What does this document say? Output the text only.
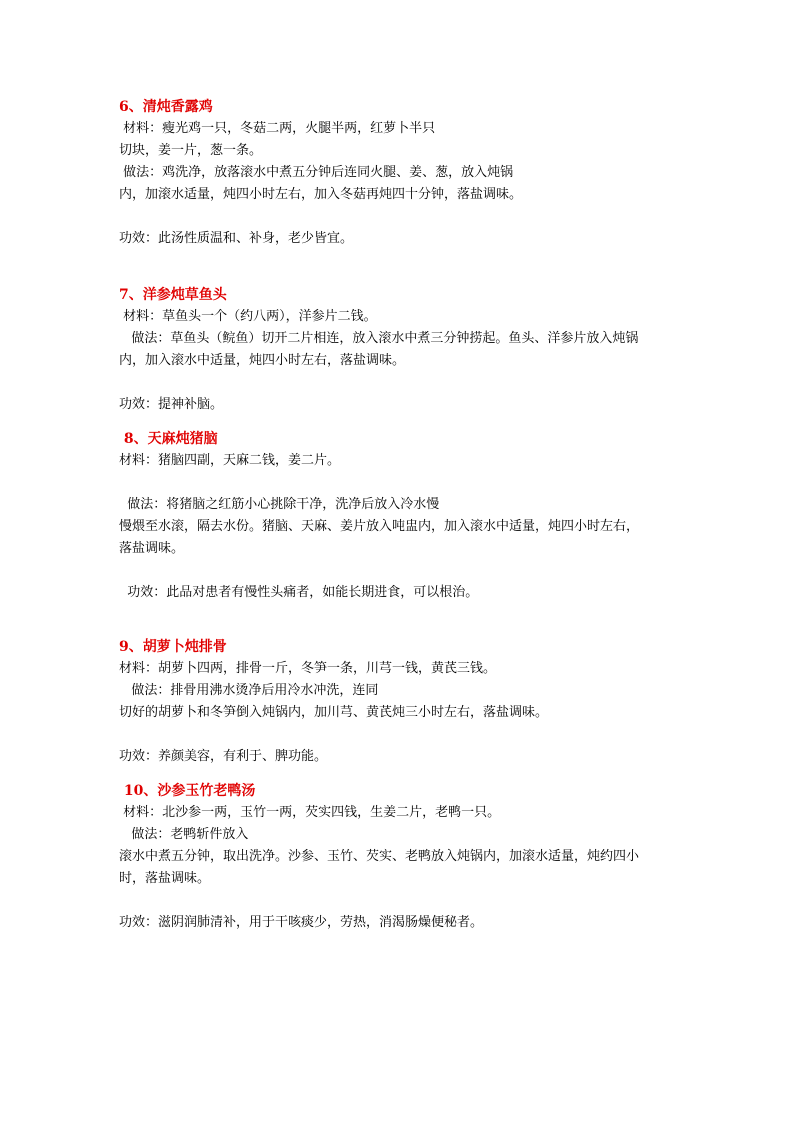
6、清炖香露鸡

材料：瘦光鸡一只，冬菇二两，火腿半两，红萝卜半只

切块，姜一片，葱一条。

做法：鸡洗净，放落滚水中煮五分钟后连同火腿、姜、葱，放入炖锅

内，加滚水适量，炖四小时左右，加入冬菇再炖四十分钟，落盐调味。

功效：此汤性质温和、补身，老少皆宜。

7、洋参炖草鱼头

材料：草鱼头一个（约八两），洋参片二钱。

做法：草鱼头（鲩鱼）切开二片相连，放入滚水中煮三分钟捞起。鱼头、洋参片放入炖锅

内，加入滚水中适量，炖四小时左右，落盐调味。

功效：提神补脑。

8、天麻炖猪脑

材料：猪脑四副，天麻二钱，姜二片。

做法：将猪脑之红筋小心挑除干净，洗净后放入冷水慢

慢煨至水滚，隔去水份。猪脑、天麻、姜片放入吨盅内，加入滚水中适量，炖四小时左右，

落盐调味。

功效：此品对患者有慢性头痛者，如能长期进食，可以根治。

9、胡萝卜炖排骨

材料：胡萝卜四两，排骨一斤，冬笋一条，川芎一钱，黄芪三钱。

做法：排骨用沸水烫净后用冷水冲洗，连同

切好的胡萝卜和冬笋倒入炖锅内，加川芎、黄芪炖三小时左右，落盐调味。

功效：养颜美容，有利于、脾功能。

10、沙参玉竹老鸭汤

材料：北沙参一两，玉竹一两，芡实四钱，生姜二片，老鸭一只。

做法：老鸭斩件放入

滚水中煮五分钟，取出洗净。沙参、玉竹、芡实、老鸭放入炖锅内，加滚水适量，炖约四小

时，落盐调味。

功效：滋阴润肺清补，用于干咳痰少，劳热，消渴肠燥便秘者。
